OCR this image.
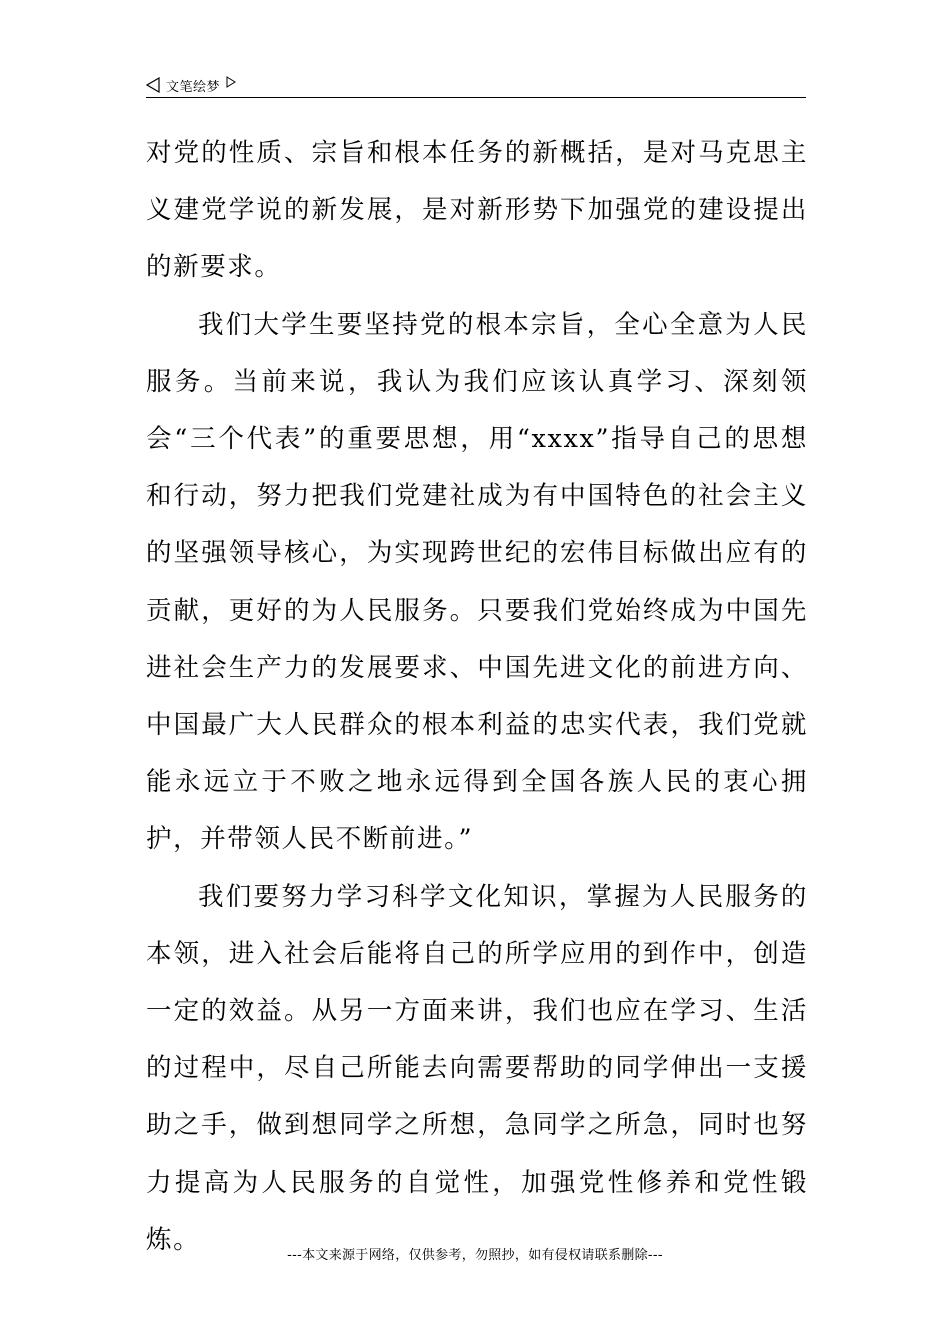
文笔绘梦

对党的性质、宗旨和根本任务的新概括，是对马克思主义建党学说的新发展，是对新形势下加强党的建设提出的新要求。

我们大学生要坚持党的根本宗旨，全心全意为人民服务。当前来说，我认为我们应该认真学习、深刻领会“三个代表”的重要思想，用“xxxx”指导自己的思想和行动，努力把我们党建社成为有中国特色的社会主义的坚强领导核心，为实现跨世纪的宏伟目标做出应有的贡献，更好的为人民服务。只要我们党始终成为中国先进社会生产力的发展要求、中国先进文化的前进方向、中国最广大人民群众的根本利益的忠实代表，我们党就能永远立于不败之地永远得到全国各族人民的衷心拥护，并带领人民不断前进。”

我们要努力学习科学文化知识，掌握为人民服务的本领，进入社会后能将自己的所学应用的到作中，创造一定的效益。从另一方面来讲，我们也应在学习、生活的过程中，尽自己所能去向需要帮助的同学伸出一支援助之手，做到想同学之所想，急同学之所急，同时也努力提高为人民服务的自觉性，加强党性修养和党性锻炼。

---本文来源于网络，仅供参考，勿照抄，如有侵权请联系删除---
